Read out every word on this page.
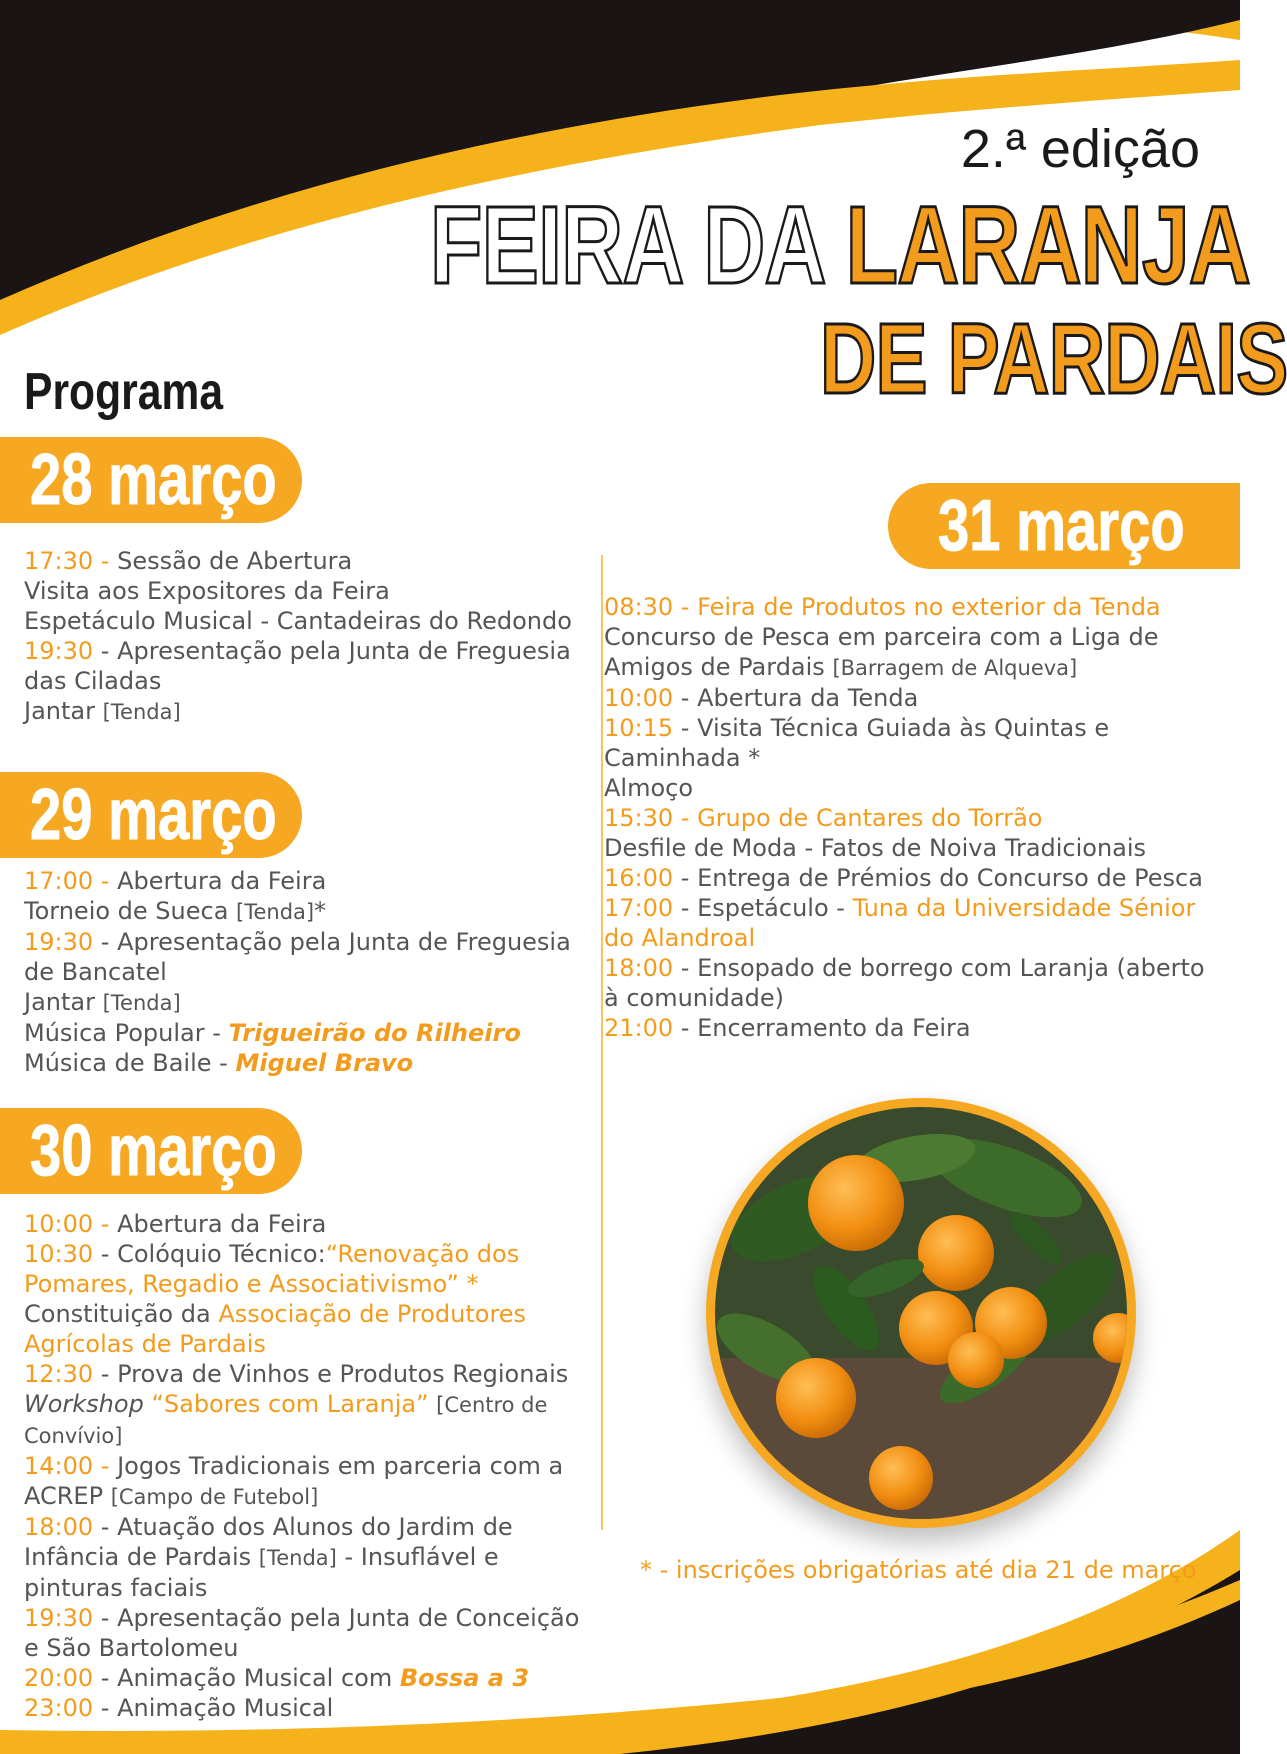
2.ª edição
FEIRA DA LARANJA
DE PARDAIS
Programa
28 março
17:30 - Sessão de Abertura
Visita aos Expositores da Feira
Espetáculo Musical - Cantadeiras do Redondo
19:30 - Apresentação pela Junta de Freguesia
das Ciladas
Jantar [Tenda]
29 março
17:00 - Abertura da Feira
Torneio de Sueca [Tenda]*
19:30 - Apresentação pela Junta de Freguesia
de Bancatel
Jantar [Tenda]
Música Popular - Trigueirão do Rilheiro
Música de Baile - Miguel Bravo
30 março
10:00 - Abertura da Feira
10:30 - Colóquio Técnico:“Renovação dos
Pomares, Regadio e Associativismo” *
Constituição da Associação de Produtores
Agrícolas de Pardais
12:30 - Prova de Vinhos e Produtos Regionais
Workshop “Sabores com Laranja” [Centro de
Convívio]
14:00 - Jogos Tradicionais em parceria com a
ACREP [Campo de Futebol]
18:00 - Atuação dos Alunos do Jardim de
Infância de Pardais [Tenda] - Insuflável e
pinturas faciais
19:30 - Apresentação pela Junta de Conceição
e São Bartolomeu
20:00 - Animação Musical com Bossa a 3
23:00 - Animação Musical
31 março
08:30 - Feira de Produtos no exterior da Tenda
Concurso de Pesca em parceira com a Liga de
Amigos de Pardais [Barragem de Alqueva]
10:00 - Abertura da Tenda
10:15 - Visita Técnica Guiada às Quintas e
Caminhada *
Almoço
15:30 - Grupo de Cantares do Torrão
Desfile de Moda - Fatos de Noiva Tradicionais
16:00 - Entrega de Prémios do Concurso de Pesca
17:00 - Espetáculo - Tuna da Universidade Sénior
do Alandroal
18:00 - Ensopado de borrego com Laranja (aberto
à comunidade)
21:00 - Encerramento da Feira
* - inscrições obrigatórias até dia 21 de março
